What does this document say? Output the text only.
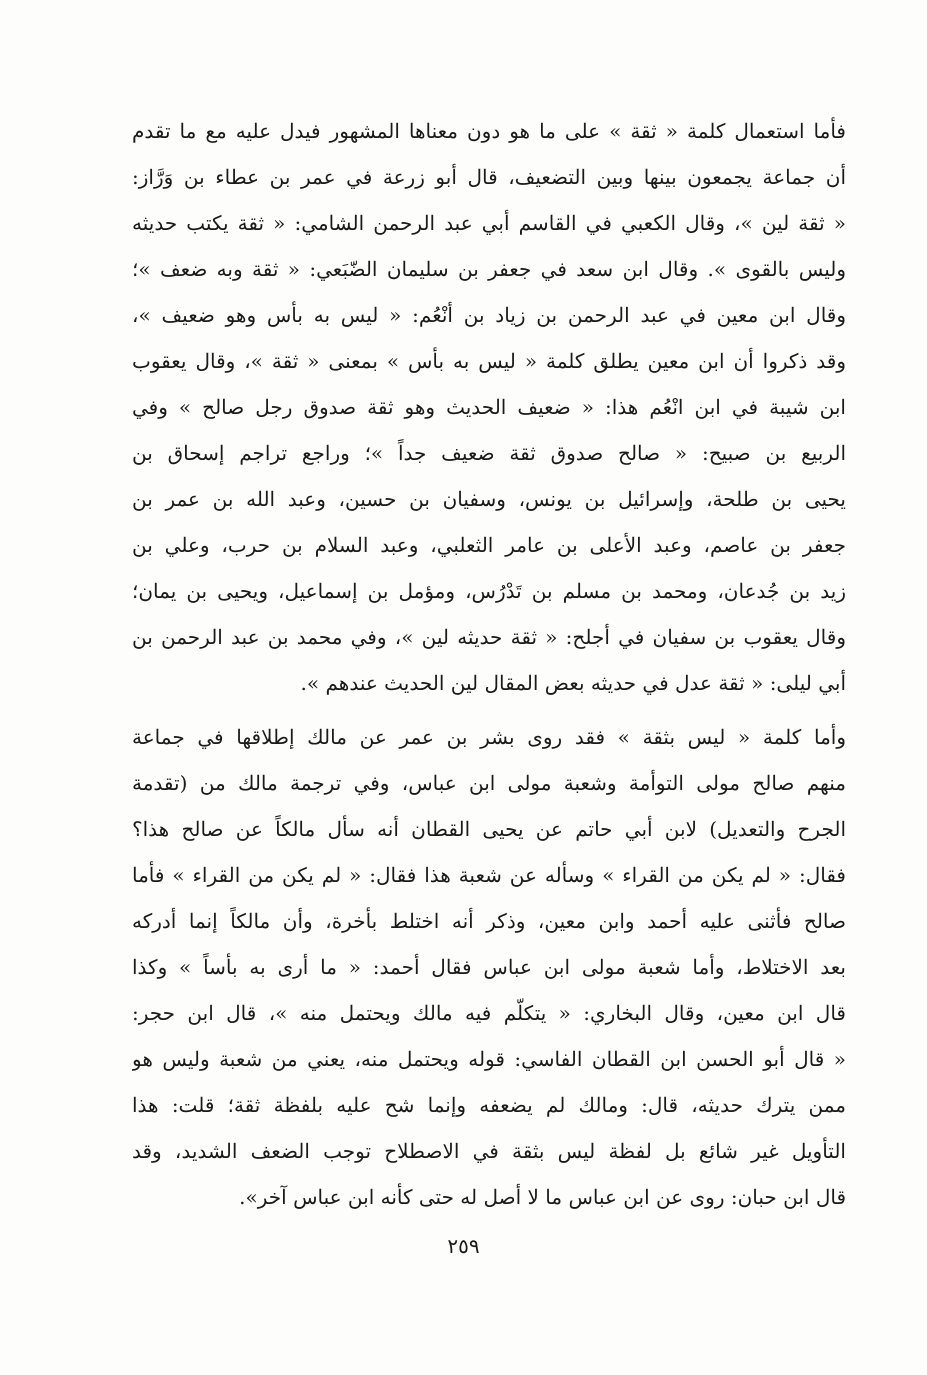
فأما استعمال كلمة « ثقة » على ما هو دون معناها المشهور فيدل عليه مع ما تقدم
أن جماعة يجمعون بينها وبين التضعيف، قال أبو زرعة في عمر بن عطاء بن وَرَّاز:
« ثقة لين »، وقال الكعبي في القاسم أبي عبد الرحمن الشامي: « ثقة يكتب حديثه
وليس بالقوى ». وقال ابن سعد في جعفر بن سليمان الضّبَعي: « ثقة وبه ضعف »؛
وقال ابن معين في عبد الرحمن بن زياد بن أنْعُم: « ليس به بأس وهو ضعيف »،
وقد ذكروا أن ابن معين يطلق كلمة « ليس به بأس » بمعنى « ثقة »، وقال يعقوب
ابن شيبة في ابن انْعُم هذا: « ضعيف الحديث وهو ثقة صدوق رجل صالح » وفي
الربيع بن صبيح: « صالح صدوق ثقة ضعيف جداً »؛ وراجع تراجم إسحاق بن
يحيى بن طلحة، وإسرائيل بن يونس، وسفيان بن حسين، وعبد الله بن عمر بن
جعفر بن عاصم، وعبد الأعلى بن عامر الثعلبي، وعبد السلام بن حرب، وعلي بن
زيد بن جُدعان، ومحمد بن مسلم بن تَدْرُس، ومؤمل بن إسماعيل، ويحيى بن يمان؛
وقال يعقوب بن سفيان في أجلح: « ثقة حديثه لين »، وفي محمد بن عبد الرحمن بن
أبي ليلى: « ثقة عدل في حديثه بعض المقال لين الحديث عندهم ».
وأما كلمة « ليس بثقة » فقد روى بشر بن عمر عن مالك إطلاقها في جماعة
منهم صالح مولى التوأمة وشعبة مولى ابن عباس، وفي ترجمة مالك من (تقدمة
الجرح والتعديل) لابن أبي حاتم عن يحيى القطان أنه سأل مالكاً عن صالح هذا؟
فقال: « لم يكن من القراء » وسأله عن شعبة هذا فقال: « لم يكن من القراء » فأما
صالح فأثنى عليه أحمد وابن معين، وذكر أنه اختلط بأخرة، وأن مالكاً إنما أدركه
بعد الاختلاط، وأما شعبة مولى ابن عباس فقال أحمد: « ما أرى به بأساً » وكذا
قال ابن معين، وقال البخاري: « يتكلّم فيه مالك ويحتمل منه »، قال ابن حجر:
« قال أبو الحسن ابن القطان الفاسي: قوله ويحتمل منه، يعني من شعبة وليس هو
ممن يترك حديثه، قال: ومالك لم يضعفه وإنما شح عليه بلفظة ثقة؛ قلت: هذا
التأويل غير شائع بل لفظة ليس بثقة في الاصطلاح توجب الضعف الشديد، وقد
قال ابن حبان: روى عن ابن عباس ما لا أصل له حتى كأنه ابن عباس آخر».
٢٥٩
